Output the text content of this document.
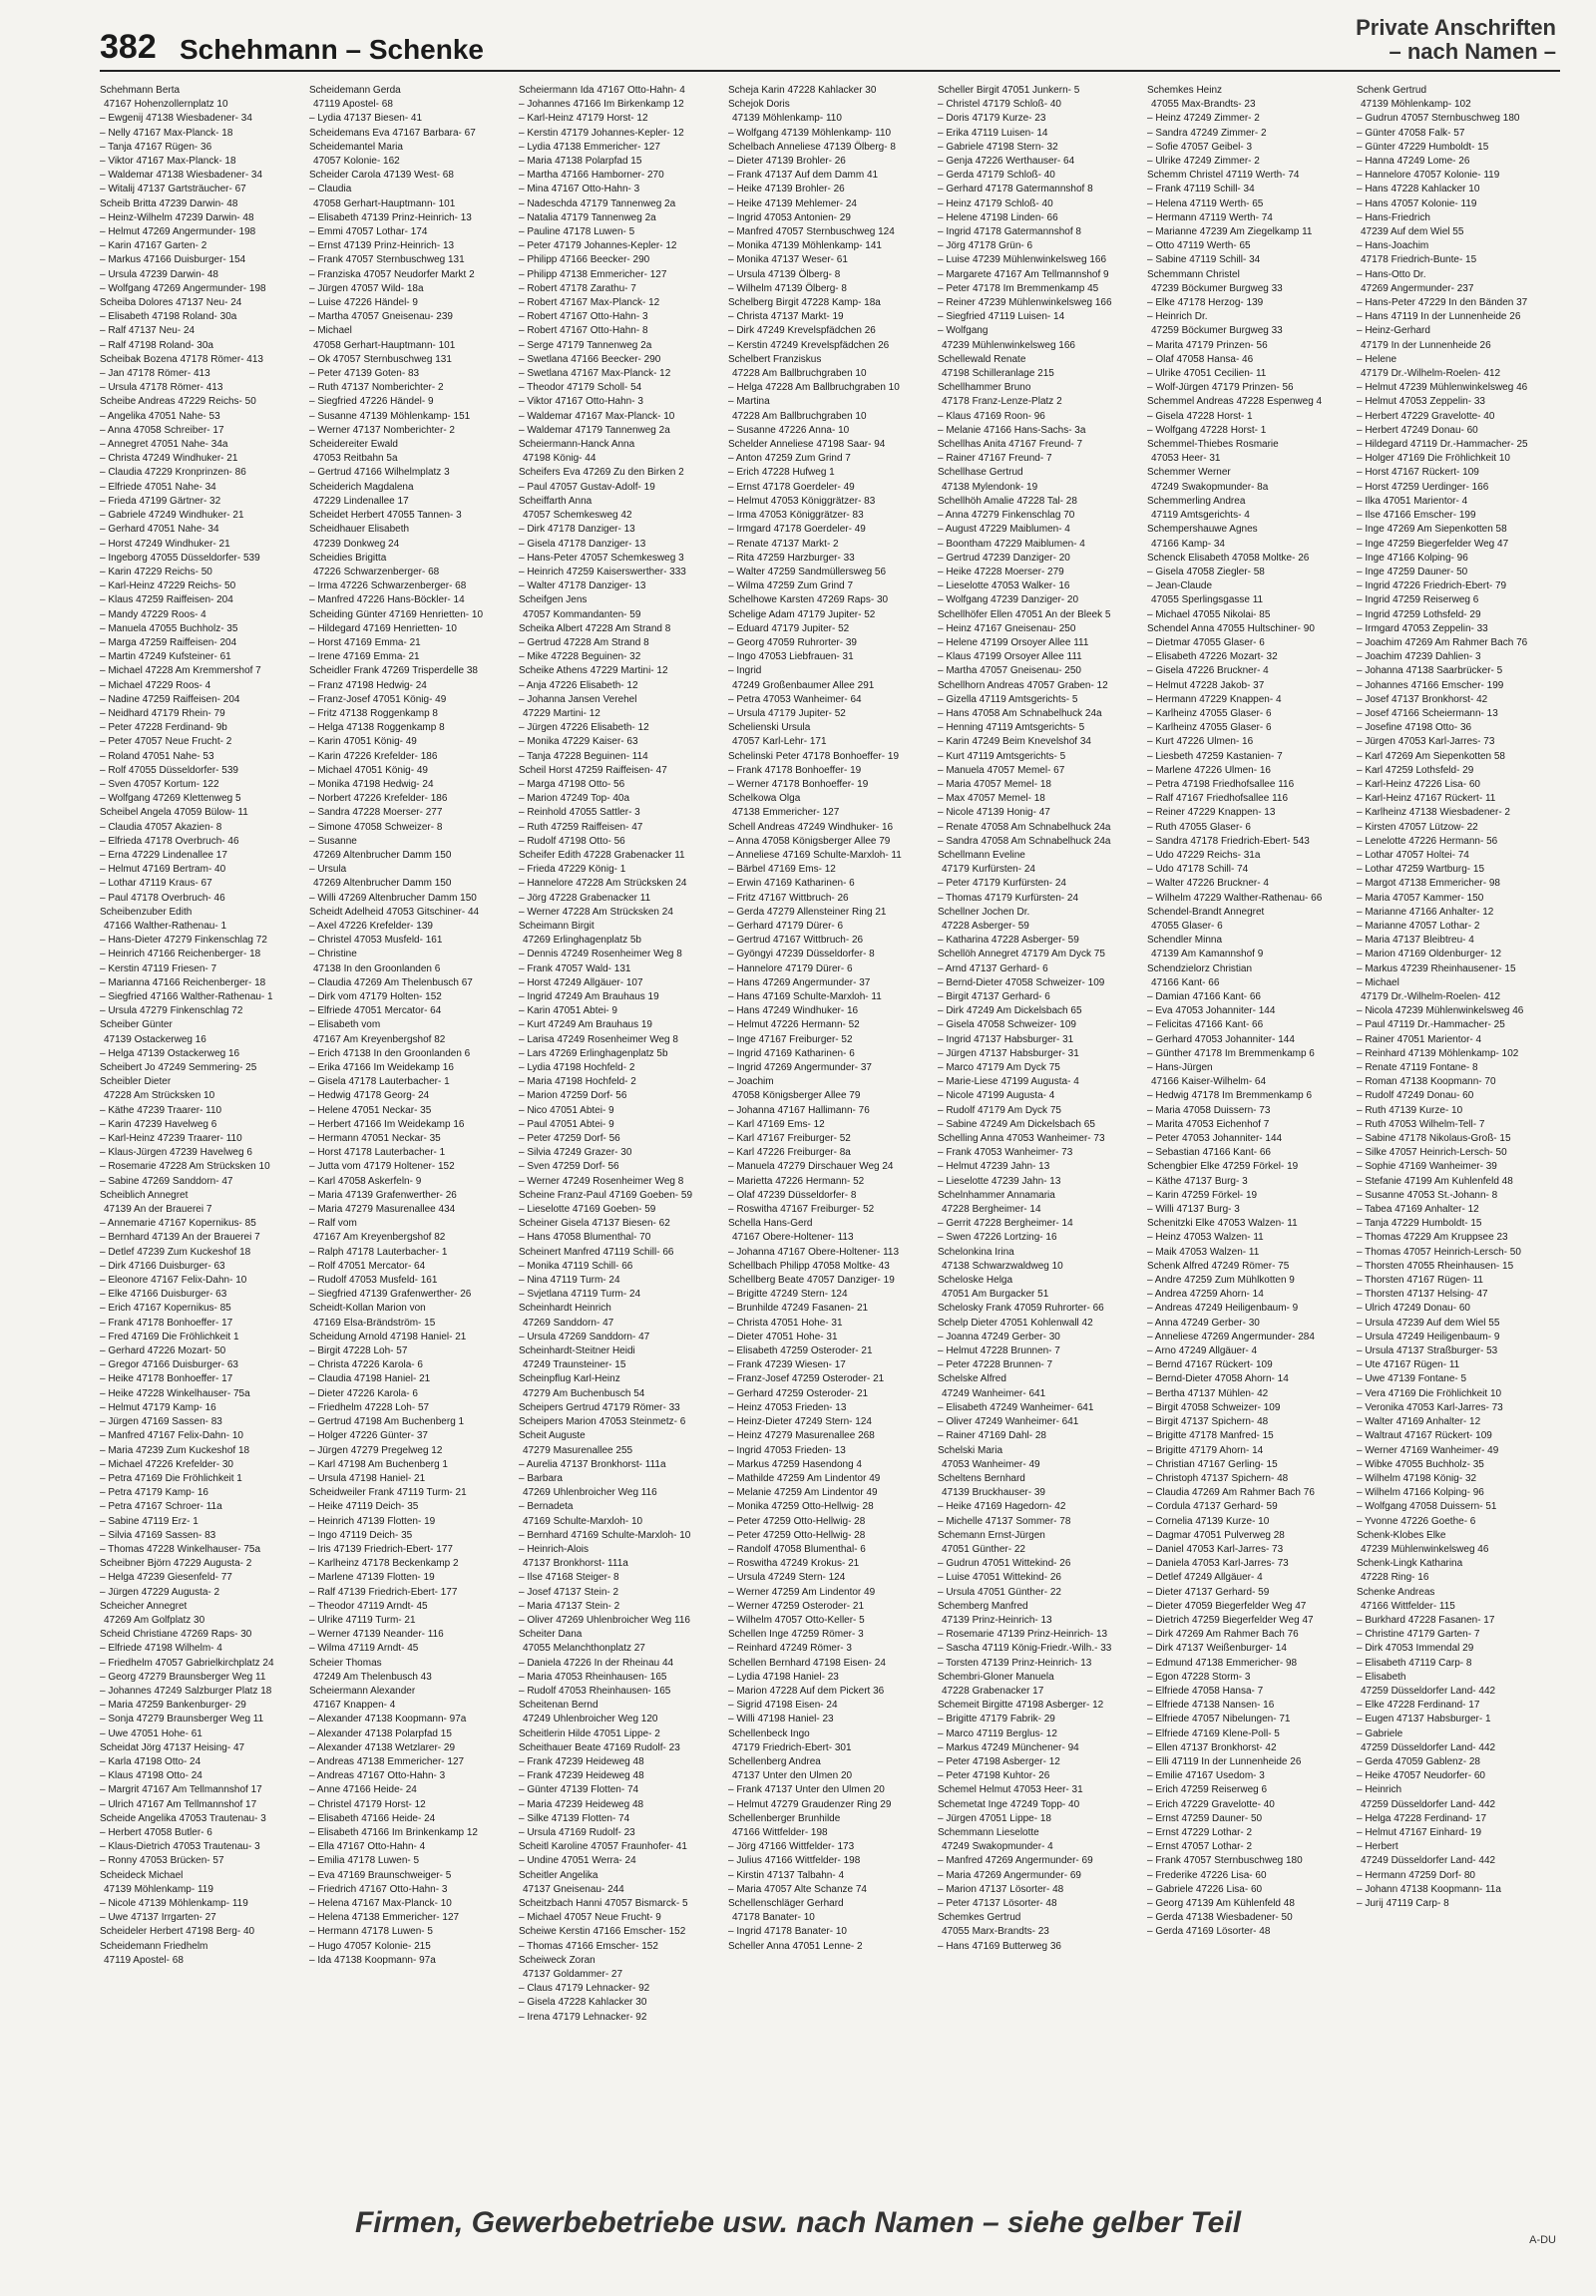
382 Schehmann – Schenke
Private Anschriften
– nach Namen –
Schehmann Berta
47167 Hohenzollernplatz 10
– Ewgenij 47138 Wiesbadener- 34
– Nelly 47167 Max-Planck- 18
– Tanja 47167 Rügen- 36
– Viktor 47167 Max-Planck- 18
– Waldemar 47138 Wiesbadener- 34
– Witalij 47137 Gartsträucher- 67
Scheib Britta 47239 Darwin- 48
– Heinz-Wilhelm 47239 Darwin- 48
– Helmut 47269 Angermunder- 198
– Karin 47167 Garten- 2
– Markus 47166 Duisburger- 154
– Ursula 47239 Darwin- 48
– Wolfgang 47269 Angermunder- 198
Scheiba Dolores 47137 Neu- 24
– Elisabeth 47198 Roland- 30a
– Ralf 47137 Neu- 24
– Ralf 47198 Roland- 30a
Scheibak Bozena 47178 Römer- 413
– Jan 47178 Römer- 413
– Ursula 47178 Römer- 413
Scheibe Andreas 47229 Reichs- 50
– Angelika 47051 Nahe- 53
– Anna 47058 Schreiber- 17
– Annegret 47051 Nahe- 34a
– Christa 47249 Windhuker- 21
– Claudia 47229 Kronprinzen- 86
– Elfriede 47051 Nahe- 34
– Frieda 47199 Gärtner- 32
– Gabriele 47249 Windhuker- 21
– Gerhard 47051 Nahe- 34
– Horst 47249 Windhuker- 21
– Ingeborg 47055 Düsseldorfer- 539
– Karin 47229 Reichs- 50
– Karl-Heinz 47229 Reichs- 50
– Klaus 47259 Raiffeisen- 204
– Mandy 47229 Roos- 4
– Manuela 47055 Buchholz- 35
– Marga 47259 Raiffeisen- 204
– Martin 47249 Kufsteiner- 61
– Michael 47228 Am Kremmershof 7
– Michael 47229 Roos- 4
– Nadine 47259 Raiffeisen- 204
– Neidhard 47179 Rhein- 79
– Peter 47228 Ferdinand- 9b
– Peter 47057 Neue Frucht- 2
– Roland 47051 Nahe- 53
– Rolf 47055 Düsseldorfer- 539
– Sven 47057 Kortum- 122
– Wolfgang 47269 Klettenweg 5
Scheibel Angela 47059 Bülow- 11
– Claudia 47057 Akazien- 8
– Elfrieda 47178 Overbruch- 46
– Erna 47229 Lindenallee 17
– Helmut 47169 Bertram- 40
– Lothar 47119 Kraus- 67
– Paul 47178 Overbruch- 46
Scheibenzuber Edith
47166 Walther-Rathenau- 1
– Hans-Dieter 47279 Finkenschlag 72
– Heinrich 47166 Reichenberger- 18
– Kerstin 47119 Friesen- 7
– Marianna 47166 Reichenberger- 18
– Siegfried 47166 Walther-Rathenau- 1
– Ursula 47279 Finkenschlag 72
Scheiber Günter
47139 Ostackerweg 16
– Helga 47139 Ostackerweg 16
Scheibert Jo 47249 Semmering- 25
Scheibler Dieter
47228 Am Strücksken 10
– Käthe 47239 Traarer- 110
– Karin 47239 Havelweg 6
– Karl-Heinz 47239 Traarer- 110
– Klaus-Jürgen 47239 Havelweg 6
– Rosemarie 47228 Am Strücksken 10
– Sabine 47269 Sanddorn- 47
Scheiblich Annegret
47139 An der Brauerei 7
– Annemarie 47167 Kopernikus- 85
– Bernhard 47139 An der Brauerei 7
– Detlef 47239 Zum Kuckeshof 18
– Dirk 47166 Duisburger- 63
– Eleonore 47167 Felix-Dahn- 10
– Elke 47166 Duisburger- 63
– Erich 47167 Kopernikus- 85
– Frank 47178 Bonhoeffer- 17
– Fred 47169 Die Fröhlichkeit 1
– Gerhard 47226 Mozart- 50
– Gregor 47166 Duisburger- 63
– Heike 47178 Bonhoeffer- 17
– Heike 47228 Winkelhauser- 75a
– Helmut 47179 Kamp- 16
– Jürgen 47169 Sassen- 83
– Manfred 47167 Felix-Dahn- 10
– Maria 47239 Zum Kuckeshof 18
– Michael 47226 Krefelder- 30
– Petra 47169 Die Fröhlichkeit 1
– Petra 47179 Kamp- 16
– Petra 47167 Schroer- 11a
– Sabine 47119 Erz- 1
– Silvia 47169 Sassen- 83
– Thomas 47228 Winkelhauser- 75a
Scheibner Björn 47229 Augusta- 2
– Helga 47239 Giesenfeld- 77
– Jürgen 47229 Augusta- 2
Scheicher Annegret
47269 Am Golfplatz 30
Scheid Christiane 47269 Raps- 30
– Elfriede 47198 Wilhelm- 4
– Friedhelm 47057 Gabrielkirchplatz 24
– Georg 47279 Braunsberger Weg 11
– Johannes 47249 Salzburger Platz 18
– Maria 47259 Bankenburger- 29
– Sonja 47279 Braunsberger Weg 11
– Uwe 47051 Hohe- 61
Scheidat Jörg 47137 Heising- 47
– Karla 47198 Otto- 24
– Klaus 47198 Otto- 24
– Margrit 47167 Am Tellmannshof 17
– Ulrich 47167 Am Tellmannshof 17
Scheide Angelika 47053 Trautenau- 3
– Herbert 47058 Butler- 6
– Klaus-Dietrich 47053 Trautenau- 3
– Ronny 47053 Brücken- 57
Scheideck Michael
47139 Möhlenkamp- 119
– Nicole 47139 Möhlenkamp- 119
– Uwe 47137 Irrgarten- 27
Scheideler Herbert 47198 Berg- 40
Scheidemann Friedhelm
47119 Apostel- 68
Scheidemann Gerda
47119 Apostel- 68
– Lydia 47137 Biesen- 41
Scheidemans Eva 47167 Barbara- 67
Scheidemantel Maria
47057 Kolonie- 162
Scheider Carola 47139 West- 68
– Claudia
47058 Gerhart-Hauptmann- 101
– Elisabeth 47139 Prinz-Heinrich- 13
– Emmi 47057 Lothar- 174
– Ernst 47139 Prinz-Heinrich- 13
– Frank 47057 Sternbuschweg 131
– Franziska 47057 Neudorfer Markt 2
– Jürgen 47057 Wild- 18a
– Luise 47226 Händel- 9
– Martha 47057 Gneisenau- 239
– Michael
47058 Gerhart-Hauptmann- 101
– Ok 47057 Sternbuschweg 131
– Peter 47139 Goten- 83
– Ruth 47137 Nomberichter- 2
– Siegfried 47226 Händel- 9
– Susanne 47139 Möhlenkamp- 151
– Werner 47137 Nomberichter- 2
Scheidereiter Ewald
47053 Reitbahn 5a
– Gertrud 47166 Wilhelmplatz 3
Scheiderich Magdalena
47229 Lindenallee 17
Scheidet Herbert 47055 Tannen- 3
Scheidhauer Elisabeth
47239 Donkweg 24
Scheidies Brigitta
47226 Schwarzenberger- 68
– Irma 47226 Schwarzenberger- 68
– Manfred 47226 Hans-Böckler- 14
Scheiding Günter 47169 Henrietten- 10
– Hildegard 47169 Henrietten- 10
– Horst 47169 Emma- 21
– Irene 47169 Emma- 21
Scheidler Frank 47269 Trisperdelle 38
– Franz 47198 Hedwig- 24
– Franz-Josef 47051 König- 49
– Fritz 47138 Roggenkamp 8
– Helga 47138 Roggenkamp 8
– Karin 47051 König- 49
– Karin 47226 Krefelder- 186
– Michael 47051 König- 49
– Monika 47198 Hedwig- 24
– Norbert 47226 Krefelder- 186
– Sandra 47228 Moerser- 277
– Simone 47058 Schweizer- 8
– Susanne
47269 Altenbrucher Damm 150
– Ursula
47269 Altenbrucher Damm 150
– Willi 47269 Altenbrucher Damm 150
Scheidt Adelheid 47053 Gitschiner- 44
– Axel 47226 Krefelder- 139
– Christel 47053 Musfeld- 161
– Christine
47138 In den Groonlanden 6
– Claudia 47269 Am Thelenbusch 67
– Dirk vom 47179 Holten- 152
– Elfriede 47051 Mercator- 64
– Elisabeth vom
47167 Am Kreyenbergshof 82
– Erich 47138 In den Groonlanden 6
– Erika 47166 Im Weidekamp 16
– Gisela 47178 Lauterbacher- 1
– Hedwig 47178 Georg- 24
– Helene 47051 Neckar- 35
– Herbert 47166 Im Weidekamp 16
– Hermann 47051 Neckar- 35
– Horst 47178 Lauterbacher- 1
– Jutta vom 47179 Holtener- 152
– Karl 47058 Askerfeln- 9
– Maria 47139 Grafenwerther- 26
– Maria 47279 Masurenallee 434
– Ralf vom
47167 Am Kreyenbergshof 82
– Ralph 47178 Lauterbacher- 1
– Rolf 47051 Mercator- 64
– Rudolf 47053 Musfeld- 161
– Siegfried 47139 Grafenwerther- 26
Scheidt-Kollan Marion von
47169 Elsa-Brändström- 15
Scheidung Arnold 47198 Haniel- 21
– Birgit 47228 Loh- 57
– Christa 47226 Karola- 6
– Claudia 47198 Haniel- 21
– Dieter 47226 Karola- 6
– Friedhelm 47228 Loh- 57
– Gertrud 47198 Am Buchenberg 1
– Holger 47226 Günter- 37
– Jürgen 47279 Pregelweg 12
– Karl 47198 Am Buchenberg 1
– Ursula 47198 Haniel- 21
Scheidweiler Frank 47119 Turm- 21
– Heike 47119 Deich- 35
– Heinrich 47139 Flotten- 19
– Ingo 47119 Deich- 35
– Iris 47139 Friedrich-Ebert- 177
– Karlheinz 47178 Beckenkamp 2
– Marlene 47139 Flotten- 19
– Ralf 47139 Friedrich-Ebert- 177
– Theodor 47119 Arndt- 45
– Ulrike 47119 Turm- 21
– Werner 47139 Neander- 116
– Wilma 47119 Arndt- 45
Scheier Thomas
47249 Am Thelenbusch 43
Scheiermann Alexander
47167 Knappen- 4
– Alexander 47138 Koopmann- 97a
– Alexander 47138 Polarpfad 15
– Alexander 47138 Wetzlarer- 29
– Andreas 47138 Emmericher- 127
– Andreas 47167 Otto-Hahn- 3
– Anne 47166 Heide- 24
– Christel 47179 Horst- 12
– Elisabeth 47166 Heide- 24
– Elisabeth 47166 Im Brinkenkamp 12
– Ella 47167 Otto-Hahn- 4
– Emilia 47178 Luwen- 5
– Eva 47169 Braunschweiger- 5
– Friedrich 47167 Otto-Hahn- 3
– Helena 47167 Max-Planck- 10
– Helena 47138 Emmericher- 127
– Hermann 47178 Luwen- 5
– Hugo 47057 Kolonie- 215
– Ida 47138 Koopmann- 97a
Scheiermann Ida 47167 Otto-Hahn- 4
– Johannes 47166 Im Birkenkamp 12
– Karl-Heinz 47179 Horst- 12
– Kerstin 47179 Johannes-Kepler- 12
– Lydia 47138 Emmericher- 127
– Maria 47138 Polarpfad 15
– Martha 47166 Hamborner- 270
– Mina 47167 Otto-Hahn- 3
– Nadeschda 47179 Tannenweg 2a
– Natalia 47179 Tannenweg 2a
– Pauline 47178 Luwen- 5
– Peter 47179 Johannes-Kepler- 12
– Philipp 47166 Beecker- 290
– Philipp 47138 Emmericher- 127
– Robert 47178 Zarathu- 7
– Robert 47167 Max-Planck- 12
– Robert 47167 Otto-Hahn- 3
– Robert 47167 Otto-Hahn- 8
– Serge 47179 Tannenweg 2a
– Swetlana 47166 Beecker- 290
– Swetlana 47167 Max-Planck- 12
– Theodor 47179 Scholl- 54
– Viktor 47167 Otto-Hahn- 3
– Waldemar 47167 Max-Planck- 10
– Waldemar 47179 Tannenweg 2a
Scheiermann-Hanck Anna
47198 König- 44
Scheifers Eva 47269 Zu den Birken 2
– Paul 47057 Gustav-Adolf- 19
Scheiffarth Anna
47057 Schemkesweg 42
– Dirk 47178 Danziger- 13
– Gisela 47178 Danziger- 13
– Hans-Peter 47057 Schemkesweg 3
– Heinrich 47259 Kaiserswerther- 333
– Walter 47178 Danziger- 13
Scheifgen Jens
47057 Kommandanten- 59
Scheika Albert 47228 Am Strand 8
– Gertrud 47228 Am Strand 8
– Mike 47228 Beguinen- 32
Scheike Athens 47229 Martini- 12
– Anja 47226 Elisabeth- 12
– Johanna Jansen Verehel
47229 Martini- 12
– Jürgen 47226 Elisabeth- 12
– Monika 47229 Kaiser- 63
– Tanja 47228 Beguinen- 114
Scheil Horst 47259 Raiffeisen- 47
– Marga 47198 Otto- 56
– Marion 47249 Top- 40a
– Reinhold 47055 Sattler- 3
– Ruth 47259 Raiffeisen- 47
– Rudolf 47198 Otto- 56
Scheifer Edith 47228 Grabenacker 11
– Frieda 47229 König- 1
– Hannelore 47228 Am Strücksken 24
– Jörg 47228 Grabenacker 11
– Werner 47228 Am Strücksken 24
Scheimann Birgit
47269 Erlinghagenplatz 5b
– Dennis 47249 Rosenheimer Weg 8
– Frank 47057 Wald- 131
– Horst 47249 Allgäuer- 107
– Ingrid 47249 Am Brauhaus 19
– Karin 47051 Abtei- 9
– Kurt 47249 Am Brauhaus 19
– Larisa 47249 Rosenheimer Weg 8
– Lars 47269 Erlinghagenplatz 5b
– Lydia 47198 Hochfeld- 2
– Maria 47198 Hochfeld- 2
– Marion 47259 Dorf- 56
– Nico 47051 Abtei- 9
– Paul 47051 Abtei- 9
– Peter 47259 Dorf- 56
– Silvia 47249 Grazer- 30
– Sven 47259 Dorf- 56
– Werner 47249 Rosenheimer Weg 8
Scheine Franz-Paul 47169 Goeben- 59
– Lieselotte 47169 Goeben- 59
Scheiner Gisela 47137 Biesen- 62
– Hans 47058 Blumenthal- 70
Scheinert Manfred 47119 Schill- 66
– Monika 47119 Schill- 66
– Nina 47119 Turm- 24
– Svjetlana 47119 Turm- 24
Scheinhardt Heinrich
47269 Sanddorn- 47
– Ursula 47269 Sanddorn- 47
Scheinhardt-Steitner Heidi
47249 Traunsteiner- 15
Scheinpflug Karl-Heinz
47279 Am Buchenbusch 54
Scheipers Gertrud 47179 Römer- 33
Scheipers Marion 47053 Steinmetz- 6
Scheit Auguste
47279 Masurenallee 255
– Aurelia 47137 Bronkhorst- 111a
– Barbara
47269 Uhlenbroicher Weg 116
– Bernadeta
47169 Schulte-Marxloh- 10
– Bernhard 47169 Schulte-Marxloh- 10
– Heinrich-Alois
47137 Bronkhorst- 111a
– Ilse 47168 Steiger- 8
– Josef 47137 Stein- 2
– Maria 47137 Stein- 2
– Oliver 47269 Uhlenbroicher Weg 116
Scheiter Dana
47055 Melanchthonplatz 27
– Daniela 47226 In der Rheinau 44
– Maria 47053 Rheinhausen- 165
– Rudolf 47053 Rheinhausen- 165
Scheitenan Bernd
47249 Uhlenbroicher Weg 120
Scheitlerin Hilde 47051 Lippe- 2
Scheithauer Beate 47169 Rudolf- 23
– Frank 47239 Heideweg 48
– Frank 47239 Heideweg 48
– Günter 47139 Flotten- 74
– Maria 47239 Heideweg 48
– Silke 47139 Flotten- 74
– Ursula 47169 Rudolf- 23
Scheitl Karoline 47057 Fraunhofer- 41
– Undine 47051 Werra- 24
Scheitler Angelika
47137 Gneisenau- 244
Scheitzbach Hanni 47057 Bismarck- 5
– Michael 47057 Neue Frucht- 9
Scheiwe Kerstin 47166 Emscher- 152
– Thomas 47166 Emscher- 152
Scheiweck Zoran
47137 Goldammer- 27
– Claus 47179 Lehnacker- 92
– Gisela 47228 Kahlacker 30
– Irena 47179 Lehnacker- 92
Scheja Karin 47228 Kahlacker 30
Schejok Doris
47139 Möhlenkamp- 110
– Wolfgang 47139 Möhlenkamp- 110
Schelbach Anneliese 47139 Ölberg- 8
– Dieter 47139 Brohler- 26
– Frank 47137 Auf dem Damm 41
– Heike 47139 Brohler- 26
– Heike 47139 Mehlemer- 24
– Ingrid 47053 Antonien- 29
– Manfred 47057 Sternbuschweg 124
– Monika 47139 Möhlenkamp- 141
– Monika 47137 Weser- 61
– Ursula 47139 Ölberg- 8
– Wilhelm 47139 Ölberg- 8
Schelberg Birgit 47228 Kamp- 18a
– Christa 47137 Markt- 19
– Dirk 47249 Krevelspfädchen 26
– Kerstin 47249 Krevelspfädchen 26
Schelbert Franziskus
47228 Am Ballbruchgraben 10
– Helga 47228 Am Ballbruchgraben 10
– Martina
47228 Am Ballbruchgraben 10
– Susanne 47226 Anna- 10
Schelder Anneliese 47198 Saar- 94
– Anton 47259 Zum Grind 7
– Erich 47228 Hufweg 1
– Ernst 47178 Goerdeler- 49
– Helmut 47053 Königgrätzer- 83
– Irma 47053 Königgrätzer- 83
– Irmgard 47178 Goerdeler- 49
– Renate 47137 Markt- 2
– Rita 47259 Harzburger- 33
– Walter 47259 Sandmüllersweg 56
– Wilma 47259 Zum Grind 7
Schelhowe Karsten 47269 Raps- 30
Schelige Adam 47179 Jupiter- 52
– Eduard 47179 Jupiter- 52
– Georg 47059 Ruhrorter- 39
– Ingo 47053 Liebfrauen- 31
– Ingrid
47249 Großenbaumer Allee 291
– Petra 47053 Wanheimer- 64
– Ursula 47179 Jupiter- 52
Schelienski Ursula
47057 Karl-Lehr- 171
Schelinski Peter 47178 Bonhoeffer- 19
– Frank 47178 Bonhoeffer- 19
– Werner 47178 Bonhoeffer- 19
Schelkowa Olga
47138 Emmericher- 127
Schell Andreas 47249 Windhuker- 16
– Anna 47058 Königsberger Allee 79
– Anneliese 47169 Schulte-Marxloh- 11
– Bärbel 47169 Ems- 12
– Erwin 47169 Katharinen- 6
– Fritz 47167 Wittbruch- 26
– Gerda 47279 Allensteiner Ring 21
– Gerhard 47179 Dürer- 6
– Gertrud 47167 Wittbruch- 26
– Gyöngyi 47239 Düsseldorfer- 8
– Hannelore 47179 Dürer- 6
– Hans 47269 Angermunder- 37
– Hans 47169 Schulte-Marxloh- 11
– Hans 47249 Windhuker- 16
– Helmut 47226 Hermann- 52
– Inge 47167 Freiburger- 52
– Ingrid 47169 Katharinen- 6
– Ingrid 47269 Angermunder- 37
– Joachim
47058 Königsberger Allee 79
– Johanna 47167 Hallimann- 76
– Karl 47169 Ems- 12
– Karl 47167 Freiburger- 52
– Karl 47226 Freiburger- 8a
– Manuela 47279 Dirschauer Weg 24
– Marietta 47226 Hermann- 52
– Olaf 47239 Düsseldorfer- 8
– Roswitha 47167 Freiburger- 52
Schella Hans-Gerd
47167 Obere-Holtener- 113
– Johanna 47167 Obere-Holtener- 113
Schellbach Philipp 47058 Moltke- 43
Schellberg Beate 47057 Danziger- 19
– Brigitte 47249 Stern- 124
– Brunhilde 47249 Fasanen- 21
– Christa 47051 Hohe- 31
– Dieter 47051 Hohe- 31
– Elisabeth 47259 Osteroder- 21
– Frank 47239 Wiesen- 17
– Franz-Josef 47259 Osteroder- 21
– Gerhard 47259 Osteroder- 21
– Heinz 47053 Frieden- 13
– Heinz-Dieter 47249 Stern- 124
– Heinz 47279 Masurenallee 268
– Ingrid 47053 Frieden- 13
– Markus 47259 Hasendong 4
– Mathilde 47259 Am Lindentor 49
– Melanie 47259 Am Lindentor 49
– Monika 47259 Otto-Hellwig- 28
– Peter 47259 Otto-Hellwig- 28
– Peter 47259 Otto-Hellwig- 28
– Randolf 47058 Blumenthal- 6
– Roswitha 47249 Krokus- 21
– Ursula 47249 Stern- 124
– Werner 47259 Am Lindentor 49
– Werner 47259 Osteroder- 21
– Wilhelm 47057 Otto-Keller- 5
Schellen Inge 47259 Römer- 3
– Reinhard 47249 Römer- 3
Schellen Bernhard 47198 Eisen- 24
– Lydia 47198 Haniel- 23
– Marion 47228 Auf dem Pickert 36
– Sigrid 47198 Eisen- 24
– Willi 47198 Haniel- 23
Schellenbeck Ingo
47179 Friedrich-Ebert- 301
Schellenberg Andrea
47137 Unter den Ulmen 20
– Frank 47137 Unter den Ulmen 20
– Helmut 47279 Graudenzer Ring 29
Schellenberger Brunhilde
47166 Wittfelder- 198
– Jörg 47166 Wittfelder- 173
– Julius 47166 Wittfelder- 198
– Kirstin 47137 Talbahn- 4
– Maria 47057 Alte Schanze 74
Schellenschläger Gerhard
47178 Banater- 10
– Ingrid 47178 Banater- 10
Scheller Anna 47051 Lenne- 2
Scheller Birgit 47051 Junkern- 5
– Christel 47179 Schloß- 40
– Doris 47179 Kurze- 23
– Erika 47119 Luisen- 14
– Gabriele 47198 Stern- 32
– Genja 47226 Werthauser- 64
– Gerda 47179 Schloß- 40
– Gerhard 47178 Gatermannshof 8
– Heinz 47179 Schloß- 40
– Helene 47198 Linden- 66
– Ingrid 47178 Gatermannshof 8
– Jörg 47178 Grün- 6
– Luise 47239 Mühlenwinkelsweg 166
– Margarete 47167 Am Tellmannshof 9
– Peter 47178 Im Bremmenkamp 45
– Reiner 47239 Mühlenwinkelsweg 166
– Siegfried 47119 Luisen- 14
– Wolfgang
47239 Mühlenwinkelsweg 166
Schellewald Renate
47198 Schilleranlage 215
Schellhammer Bruno
47178 Franz-Lenze-Platz 2
– Klaus 47169 Roon- 96
– Melanie 47166 Hans-Sachs- 3a
Schellhas Anita 47167 Freund- 7
– Rainer 47167 Freund- 7
Schellhase Gertrud
47138 Mylendonk- 19
Schellhöh Amalie 47228 Tal- 28
– Anna 47279 Finkenschlag 70
– August 47229 Maiblumen- 4
– Boontham 47229 Maiblumen- 4
– Gertrud 47239 Danziger- 20
– Heike 47228 Moerser- 279
– Lieselotte 47053 Walker- 16
– Wolfgang 47239 Danziger- 20
Schellhöfer Ellen 47051 An der Bleek 5
– Heinz 47167 Gneisenau- 250
– Helene 47199 Orsoyer Allee 111
– Klaus 47199 Orsoyer Allee 111
– Martha 47057 Gneisenau- 250
Schellhorn Andreas 47057 Graben- 12
– Gizella 47119 Amtsgerichts- 5
– Hans 47058 Am Schnabelhuck 24a
– Henning 47119 Amtsgerichts- 5
– Karin 47249 Beim Knevelshof 34
– Kurt 47119 Amtsgerichts- 5
– Manuela 47057 Memel- 67
– Maria 47057 Memel- 18
– Max 47057 Memel- 18
– Nicole 47139 Honig- 47
– Renate 47058 Am Schnabelhuck 24a
– Sandra 47058 Am Schnabelhuck 24a
Schellmann Eveline
47179 Kurfürsten- 24
– Peter 47179 Kurfürsten- 24
– Thomas 47179 Kurfürsten- 24
Schellner Jochen Dr.
47228 Asberger- 59
– Katharina 47228 Asberger- 59
Schellöh Annegret 47179 Am Dyck 75
– Arnd 47137 Gerhard- 6
– Bernd-Dieter 47058 Schweizer- 109
– Birgit 47137 Gerhard- 6
– Dirk 47249 Am Dickelsbach 65
– Gisela 47058 Schweizer- 109
– Ingrid 47137 Habsburger- 31
– Jürgen 47137 Habsburger- 31
– Marco 47179 Am Dyck 75
– Marie-Liese 47199 Augusta- 4
– Nicole 47199 Augusta- 4
– Rudolf 47179 Am Dyck 75
– Sabine 47249 Am Dickelsbach 65
Schelling Anna 47053 Wanheimer- 73
– Frank 47053 Wanheimer- 73
– Helmut 47239 Jahn- 13
– Lieselotte 47239 Jahn- 13
Schelnhammer Annamaria
47228 Bergheimer- 14
– Gerrit 47228 Bergheimer- 14
– Swen 47226 Lortzing- 16
Schelonkina Irina
47138 Schwarzwaldweg 10
Scheloske Helga
47051 Am Burgacker 51
Schelosky Frank 47059 Ruhrorter- 66
Schelp Dieter 47051 Kohlenwall 42
– Joanna 47249 Gerber- 30
– Helmut 47228 Brunnen- 7
– Peter 47228 Brunnen- 7
Schelske Alfred
47249 Wanheimer- 641
– Elisabeth 47249 Wanheimer- 641
– Oliver 47249 Wanheimer- 641
– Rainer 47169 Dahl- 28
Schelski Maria
47053 Wanheimer- 49
Scheltens Bernhard
47139 Bruckhauser- 39
– Heike 47169 Hagedorn- 42
– Michelle 47137 Sommer- 78
Schemann Ernst-Jürgen
47051 Günther- 22
– Gudrun 47051 Wittekind- 26
– Luise 47051 Wittekind- 26
– Ursula 47051 Günther- 22
Schemberg Manfred
47139 Prinz-Heinrich- 13
– Rosemarie 47139 Prinz-Heinrich- 13
– Sascha 47119 König-Friedr.-Wilh.- 33
– Torsten 47139 Prinz-Heinrich- 13
Schembri-Gloner Manuela
47228 Grabenacker 17
Schemeit Birgitte 47198 Asberger- 12
– Brigitte 47179 Fabrik- 29
– Marco 47119 Berglus- 12
– Markus 47249 Münchener- 94
– Peter 47198 Asberger- 12
– Peter 47198 Kuhtor- 26
Schemel Helmut 47053 Heer- 31
Schemetat Inge 47249 Topp- 40
– Jürgen 47051 Lippe- 18
Schemmann Lieselotte
47249 Swakopmunder- 4
– Manfred 47269 Angermunder- 69
– Maria 47269 Angermunder- 69
– Marion 47137 Lösorter- 48
– Peter 47137 Lösorter- 48
Schemkes Gertrud
47055 Marx-Brandts- 23
– Hans 47169 Butterweg 36
Schemkes Heinz
47055 Max-Brandts- 23
– Heinz 47249 Zimmer- 2
– Sandra 47249 Zimmer- 2
– Sofie 47057 Geibel- 3
– Ulrike 47249 Zimmer- 2
Schemm Christel 47119 Werth- 74
– Frank 47119 Schill- 34
– Helena 47119 Werth- 65
– Hermann 47119 Werth- 74
– Marianne 47239 Am Ziegelkamp 11
– Otto 47119 Werth- 65
– Sabine 47119 Schill- 34
Schemmann Christel
47239 Böckumer Burgweg 33
– Elke 47178 Herzog- 139
– Heinrich Dr.
47259 Böckumer Burgweg 33
– Marita 47179 Prinzen- 56
– Olaf 47058 Hansa- 46
– Ulrike 47051 Cecilien- 11
– Wolf-Jürgen 47179 Prinzen- 56
Schemmel Andreas 47228 Espenweg 4
– Gisela 47228 Horst- 1
– Wolfgang 47228 Horst- 1
Schemmel-Thiebes Rosmarie
47053 Heer- 31
Schemmer Werner
47249 Swakopmunder- 8a
Schemmerling Andrea
47119 Amtsgerichts- 4
Schempershauwe Agnes
47166 Kamp- 34
Schenck Elisabeth 47058 Moltke- 26
– Gisela 47058 Ziegler- 58
– Jean-Claude
47055 Sperlingsgasse 11
– Michael 47055 Nikolai- 85
Schendel Anna 47055 Hultschiner- 90
– Dietmar 47055 Glaser- 6
– Elisabeth 47226 Mozart- 32
– Gisela 47226 Bruckner- 4
– Helmut 47228 Jakob- 37
– Hermann 47229 Knappen- 4
– Karlheinz 47055 Glaser- 6
– Karlheinz 47055 Glaser- 6
– Kurt 47226 Ulmen- 16
– Liesbeth 47259 Kastanien- 7
– Marlene 47226 Ulmen- 16
– Petra 47198 Friedhofsallee 116
– Ralf 47167 Friedhofsallee 116
– Reiner 47229 Knappen- 13
– Ruth 47055 Glaser- 6
– Sandra 47178 Friedrich-Ebert- 543
– Udo 47229 Reichs- 31a
– Udo 47178 Schill- 74
– Walter 47226 Bruckner- 4
– Wilhelm 47229 Walther-Rathenau- 66
Schendel-Brandt Annegret
47055 Glaser- 6
Schendler Minna
47139 Am Kamannshof 9
Schendzielorz Christian
47166 Kant- 66
– Damian 47166 Kant- 66
– Eva 47053 Johanniter- 144
– Felicitas 47166 Kant- 66
– Gerhard 47053 Johanniter- 144
– Günther 47178 Im Bremmenkamp 6
– Hans-Jürgen
47166 Kaiser-Wilhelm- 64
– Hedwig 47178 Im Bremmenkamp 6
– Maria 47058 Duissern- 73
– Marita 47053 Eichenhof 7
– Peter 47053 Johanniter- 144
– Sebastian 47166 Kant- 66
Schengbier Elke 47259 Förkel- 19
– Käthe 47137 Burg- 3
– Karin 47259 Förkel- 19
– Willi 47137 Burg- 3
Schenitzki Elke 47053 Walzen- 11
– Heinz 47053 Walzen- 11
– Maik 47053 Walzen- 11
Schenk Alfred 47249 Römer- 75
– Andre 47259 Zum Mühlkotten 9
– Andrea 47259 Ahorn- 14
– Andreas 47249 Heiligenbaum- 9
– Anna 47249 Gerber- 30
– Anneliese 47269 Angermunder- 284
– Arno 47249 Allgäuer- 4
– Bernd 47167 Rückert- 109
– Bernd-Dieter 47058 Ahorn- 14
– Bertha 47137 Mühlen- 42
– Birgit 47058 Schweizer- 109
– Birgit 47137 Spichern- 48
– Brigitte 47178 Manfred- 15
– Brigitte 47179 Ahorn- 14
– Christian 47167 Gerling- 15
– Christoph 47137 Spichern- 48
– Claudia 47269 Am Rahmer Bach 76
– Cordula 47137 Gerhard- 59
– Cornelia 47139 Kurze- 10
– Dagmar 47051 Pulverweg 28
– Daniel 47053 Karl-Jarres- 73
– Daniela 47053 Karl-Jarres- 73
– Detlef 47249 Allgäuer- 4
– Dieter 47137 Gerhard- 59
– Dieter 47059 Biegerfelder Weg 47
– Dietrich 47259 Biegerfelder Weg 47
– Dirk 47269 Am Rahmer Bach 76
– Dirk 47137 Weißenburger- 14
– Edmund 47138 Emmericher- 98
– Egon 47228 Storm- 3
– Elfriede 47058 Hansa- 7
– Elfriede 47138 Nansen- 16
– Elfriede 47057 Nibelungen- 71
– Elfriede 47169 Klene-Poll- 5
– Ellen 47137 Bronkhorst- 42
– Elli 47119 In der Lunnenheide 26
– Emilie 47167 Usedom- 3
– Erich 47259 Reiserweg 6
– Erich 47229 Gravelotte- 40
– Ernst 47259 Dauner- 50
– Ernst 47229 Lothar- 2
– Ernst 47057 Lothar- 2
– Frank 47057 Sternbuschweg 180
– Frederike 47226 Lisa- 60
– Gabriele 47226 Lisa- 60
– Georg 47139 Am Kühlenfeld 48
– Gerda 47138 Wiesbadener- 50
– Gerda 47169 Lösorter- 48
Schenk Gertrud
47139 Möhlenkamp- 102
– Gudrun 47057 Sternbuschweg 180
– Günter 47058 Falk- 57
– Günter 47229 Humboldt- 15
– Hanna 47249 Lome- 26
– Hannelore 47057 Kolonie- 119
– Hans 47228 Kahlacker 10
– Hans 47057 Kolonie- 119
– Hans-Friedrich
47239 Auf dem Wiel 55
– Hans-Joachim
47178 Friedrich-Bunte- 15
– Hans-Otto Dr.
47269 Angermunder- 237
– Hans-Peter 47229 In den Bänden 37
– Hans 47119 In der Lunnenheide 26
– Heinz-Gerhard
47179 In der Lunnenheide 26
– Helene
47179 Dr.-Wilhelm-Roelen- 412
– Helmut 47239 Mühlenwinkelsweg 46
– Helmut 47053 Zeppelin- 33
– Herbert 47229 Gravelotte- 40
– Herbert 47249 Donau- 60
– Hildegard 47119 Dr.-Hammacher- 25
– Holger 47169 Die Fröhlichkeit 10
– Horst 47167 Rückert- 109
– Horst 47259 Uerdinger- 166
– Ilka 47051 Marientor- 4
– Ilse 47166 Emscher- 199
– Inge 47269 Am Siepenkotten 58
– Inge 47259 Biegerfelder Weg 47
– Inge 47166 Kolping- 96
– Inge 47259 Dauner- 50
– Ingrid 47226 Friedrich-Ebert- 79
– Ingrid 47259 Reiserweg 6
– Ingrid 47259 Lothsfeld- 29
– Irmgard 47053 Zeppelin- 33
– Joachim 47269 Am Rahmer Bach 76
– Joachim 47239 Dahlien- 3
– Johanna 47138 Saarbrücker- 5
– Johannes 47166 Emscher- 199
– Josef 47137 Bronkhorst- 42
– Josef 47166 Scheiermann- 13
– Josefine 47198 Otto- 36
– Jürgen 47053 Karl-Jarres- 73
– Karl 47269 Am Siepenkotten 58
– Karl 47259 Lothsfeld- 29
– Karl-Heinz 47226 Lisa- 60
– Karl-Heinz 47167 Rückert- 11
– Karlheinz 47138 Wiesbadener- 2
– Kirsten 47057 Lützow- 22
– Lenelotte 47226 Hermann- 56
– Lothar 47057 Holtei- 74
– Lothar 47259 Wartburg- 15
– Margot 47138 Emmericher- 98
– Maria 47057 Kammer- 150
– Marianne 47166 Anhalter- 12
– Marianne 47057 Lothar- 2
– Maria 47137 Bleibtreu- 4
– Marion 47169 Oldenburger- 12
– Markus 47239 Rheinhausener- 15
– Michael
47179 Dr.-Wilhelm-Roelen- 412
– Nicola 47239 Mühlenwinkelsweg 46
– Paul 47119 Dr.-Hammacher- 25
– Rainer 47051 Marientor- 4
– Reinhard 47139 Möhlenkamp- 102
– Renate 47119 Fontane- 8
– Roman 47138 Koopmann- 70
– Rudolf 47249 Donau- 60
– Ruth 47139 Kurze- 10
– Ruth 47053 Wilhelm-Tell- 7
– Sabine 47178 Nikolaus-Groß- 15
– Silke 47057 Heinrich-Lersch- 50
– Sophie 47169 Wanheimer- 39
– Stefanie 47199 Am Kuhlenfeld 48
– Susanne 47053 St.-Johann- 8
– Tabea 47169 Anhalter- 12
– Tanja 47229 Humboldt- 15
– Thomas 47229 Am Kruppsee 23
– Thomas 47057 Heinrich-Lersch- 50
– Thorsten 47055 Rheinhausen- 15
– Thorsten 47167 Rügen- 11
– Thorsten 47137 Helsing- 47
– Ulrich 47249 Donau- 60
– Ursula 47239 Auf dem Wiel 55
– Ursula 47249 Heiligenbaum- 9
– Ursula 47137 Straßburger- 53
– Ute 47167 Rügen- 11
– Uwe 47139 Fontane- 5
– Vera 47169 Die Fröhlichkeit 10
– Veronika 47053 Karl-Jarres- 73
– Walter 47169 Anhalter- 12
– Waltraut 47167 Rückert- 109
– Werner 47169 Wanheimer- 49
– Wibke 47055 Buchholz- 35
– Wilhelm 47198 König- 32
– Wilhelm 47166 Kolping- 96
– Wolfgang 47058 Duissern- 51
– Yvonne 47226 Goethe- 6
Schenk-Klobes Elke
47239 Mühlenwinkelsweg 46
Schenk-Lingk Katharina
47228 Ring- 16
Schenke Andreas
47166 Wittfelder- 115
– Burkhard 47228 Fasanen- 17
– Christine 47179 Garten- 7
– Dirk 47053 Immendal 29
– Elisabeth 47119 Carp- 8
– Elisabeth
47259 Düsseldorfer Land- 442
– Elke 47228 Ferdinand- 17
– Eugen 47137 Habsburger- 1
– Gabriele
47259 Düsseldorfer Land- 442
– Gerda 47059 Gablenz- 28
– Heike 47057 Neudorfer- 60
– Heinrich
47259 Düsseldorfer Land- 442
– Helga 47228 Ferdinand- 17
– Helmut 47167 Einhard- 19
– Herbert
47249 Düsseldorfer Land- 442
– Hermann 47259 Dorf- 80
– Johann 47138 Koopmann- 11a
– Jurij 47119 Carp- 8
Firmen, Gewerbebetriebe usw. nach Namen – siehe gelber Teil
A-DU
